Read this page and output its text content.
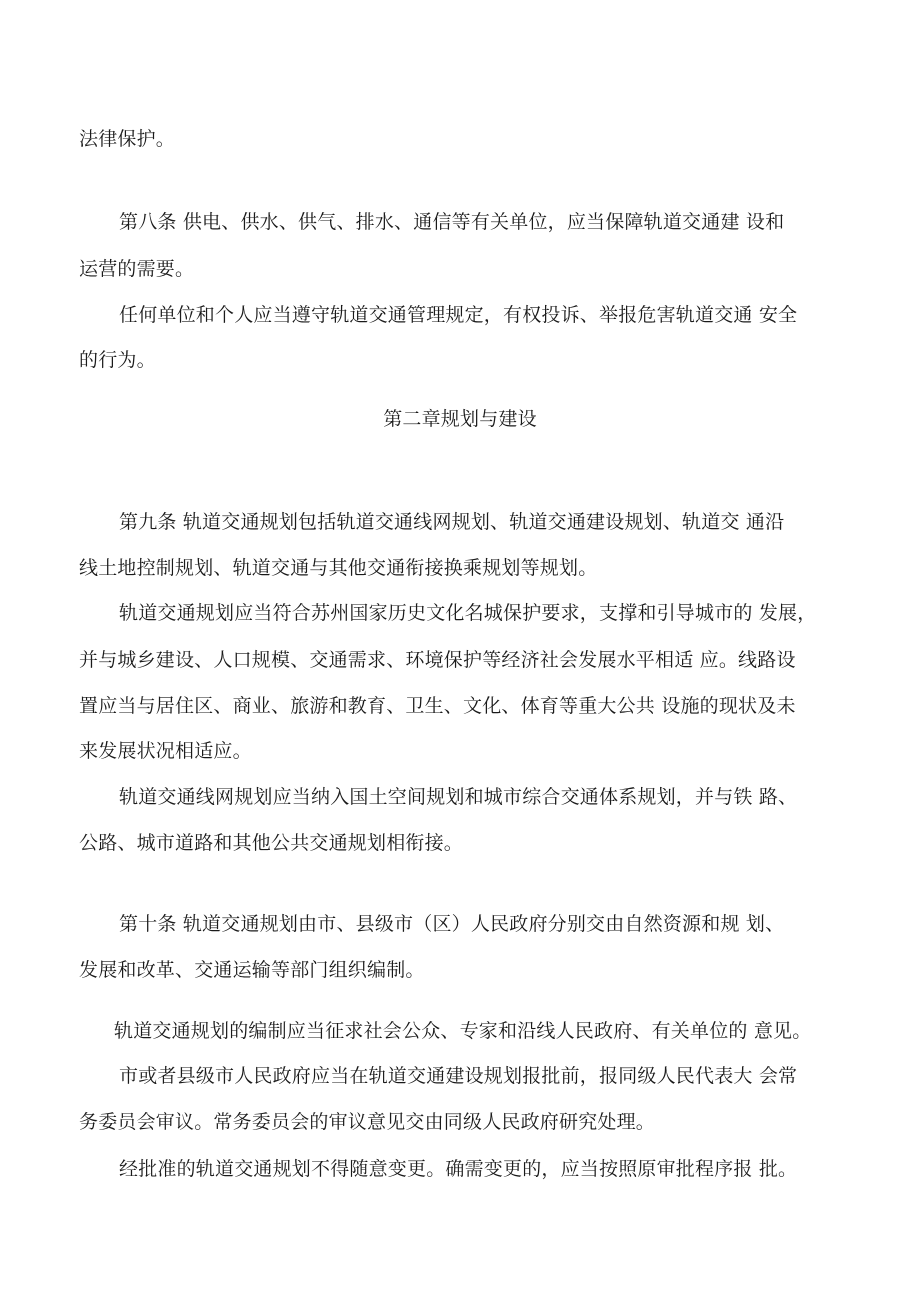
法律保护。
第八条 供电、供水、供气、排水、通信等有关单位，应当保障轨道交通建 设和
运营的需要。
任何单位和个人应当遵守轨道交通管理规定，有权投诉、举报危害轨道交通 安全
的行为。
第二章规划与建设
第九条 轨道交通规划包括轨道交通线网规划、轨道交通建设规划、轨道交 通沿
线土地控制规划、轨道交通与其他交通衔接换乘规划等规划。
轨道交通规划应当符合苏州国家历史文化名城保护要求，支撑和引导城市的 发展，
并与城乡建设、人口规模、交通需求、环境保护等经济社会发展水平相适 应。线路设
置应当与居住区、商业、旅游和教育、卫生、文化、体育等重大公共 设施的现状及未
来发展状况相适应。
轨道交通线网规划应当纳入国土空间规划和城市综合交通体系规划，并与铁 路、
公路、城市道路和其他公共交通规划相衔接。
第十条 轨道交通规划由市、县级市（区）人民政府分别交由自然资源和规 划、
发展和改革、交通运输等部门组织编制。
轨道交通规划的编制应当征求社会公众、专家和沿线人民政府、有关单位的 意见。
市或者县级市人民政府应当在轨道交通建设规划报批前，报同级人民代表大 会常
务委员会审议。常务委员会的审议意见交由同级人民政府研究处理。
经批准的轨道交通规划不得随意变更。确需变更的，应当按照原审批程序报 批。
